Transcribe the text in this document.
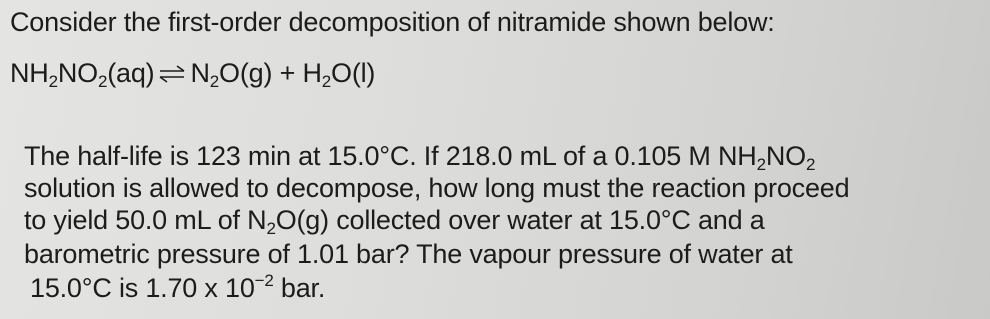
Consider the first-order decomposition of nitramide shown below:
$NH_2NO_2(aq)$ ⇌ $N_2O(g) + H_2O(l)$
The half-life is 123 min at 15.0°C. If 218.0 mL of a 0.105 M $NH_2NO_2$
solution is allowed to decompose, how long must the reaction proceed
to yield 50.0 mL of $N_2O(g)$ collected over water at 15.0°C and a
barometric pressure of 1.01 bar? The vapour pressure of water at
15.0°C is 1.70 x $10^{-2}$ bar.
